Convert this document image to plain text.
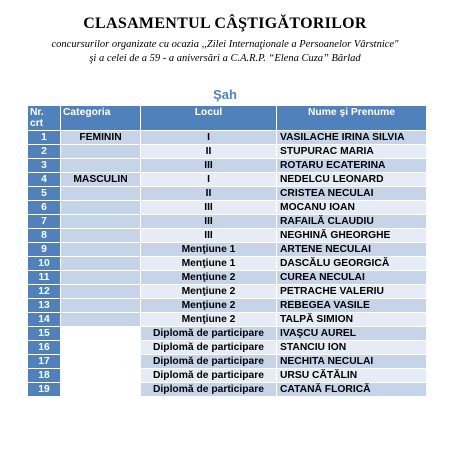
CLASAMENTUL CÂŞTIGĂTORILOR
concursurilor organizate cu ocazia ,,Zilei Internaţionale a Persoanelor Vârstnice"
şi a celei de a 59 - a aniversări a C.A.R.P. “Elena Cuza” Bârlad
Şah
Nr. crt	Categoria	Locul	Nume şi Prenume
1	FEMININ	I	VASILACHE IRINA SILVIA
2		II	STUPURAC MARIA
3		III	ROTARU ECATERINA
4	MASCULIN	I	NEDELCU LEONARD
5		II	CRISTEA NECULAI
6		III	MOCANU IOAN
7		III	RAFAILĂ CLAUDIU
8		III	NEGHINĂ GHEORGHE
9		Menţiune 1	ARTENE NECULAI
10		Menţiune 1	DASCĂLU GEORGICĂ
11		Menţiune 2	CUREA NECULAI
12		Menţiune 2	PETRACHE VALERIU
13		Menţiune 2	REBEGEA VASILE
14		Menţiune 2	TALPĂ SIMION
15		Diplomă de participare	IVAŞCU AUREL
16		Diplomă de participare	STANCIU ION
17		Diplomă de participare	NECHITA NECULAI
18		Diplomă de participare	URSU CĂTĂLIN
19		Diplomă de participare	CATANĂ FLORICĂ
